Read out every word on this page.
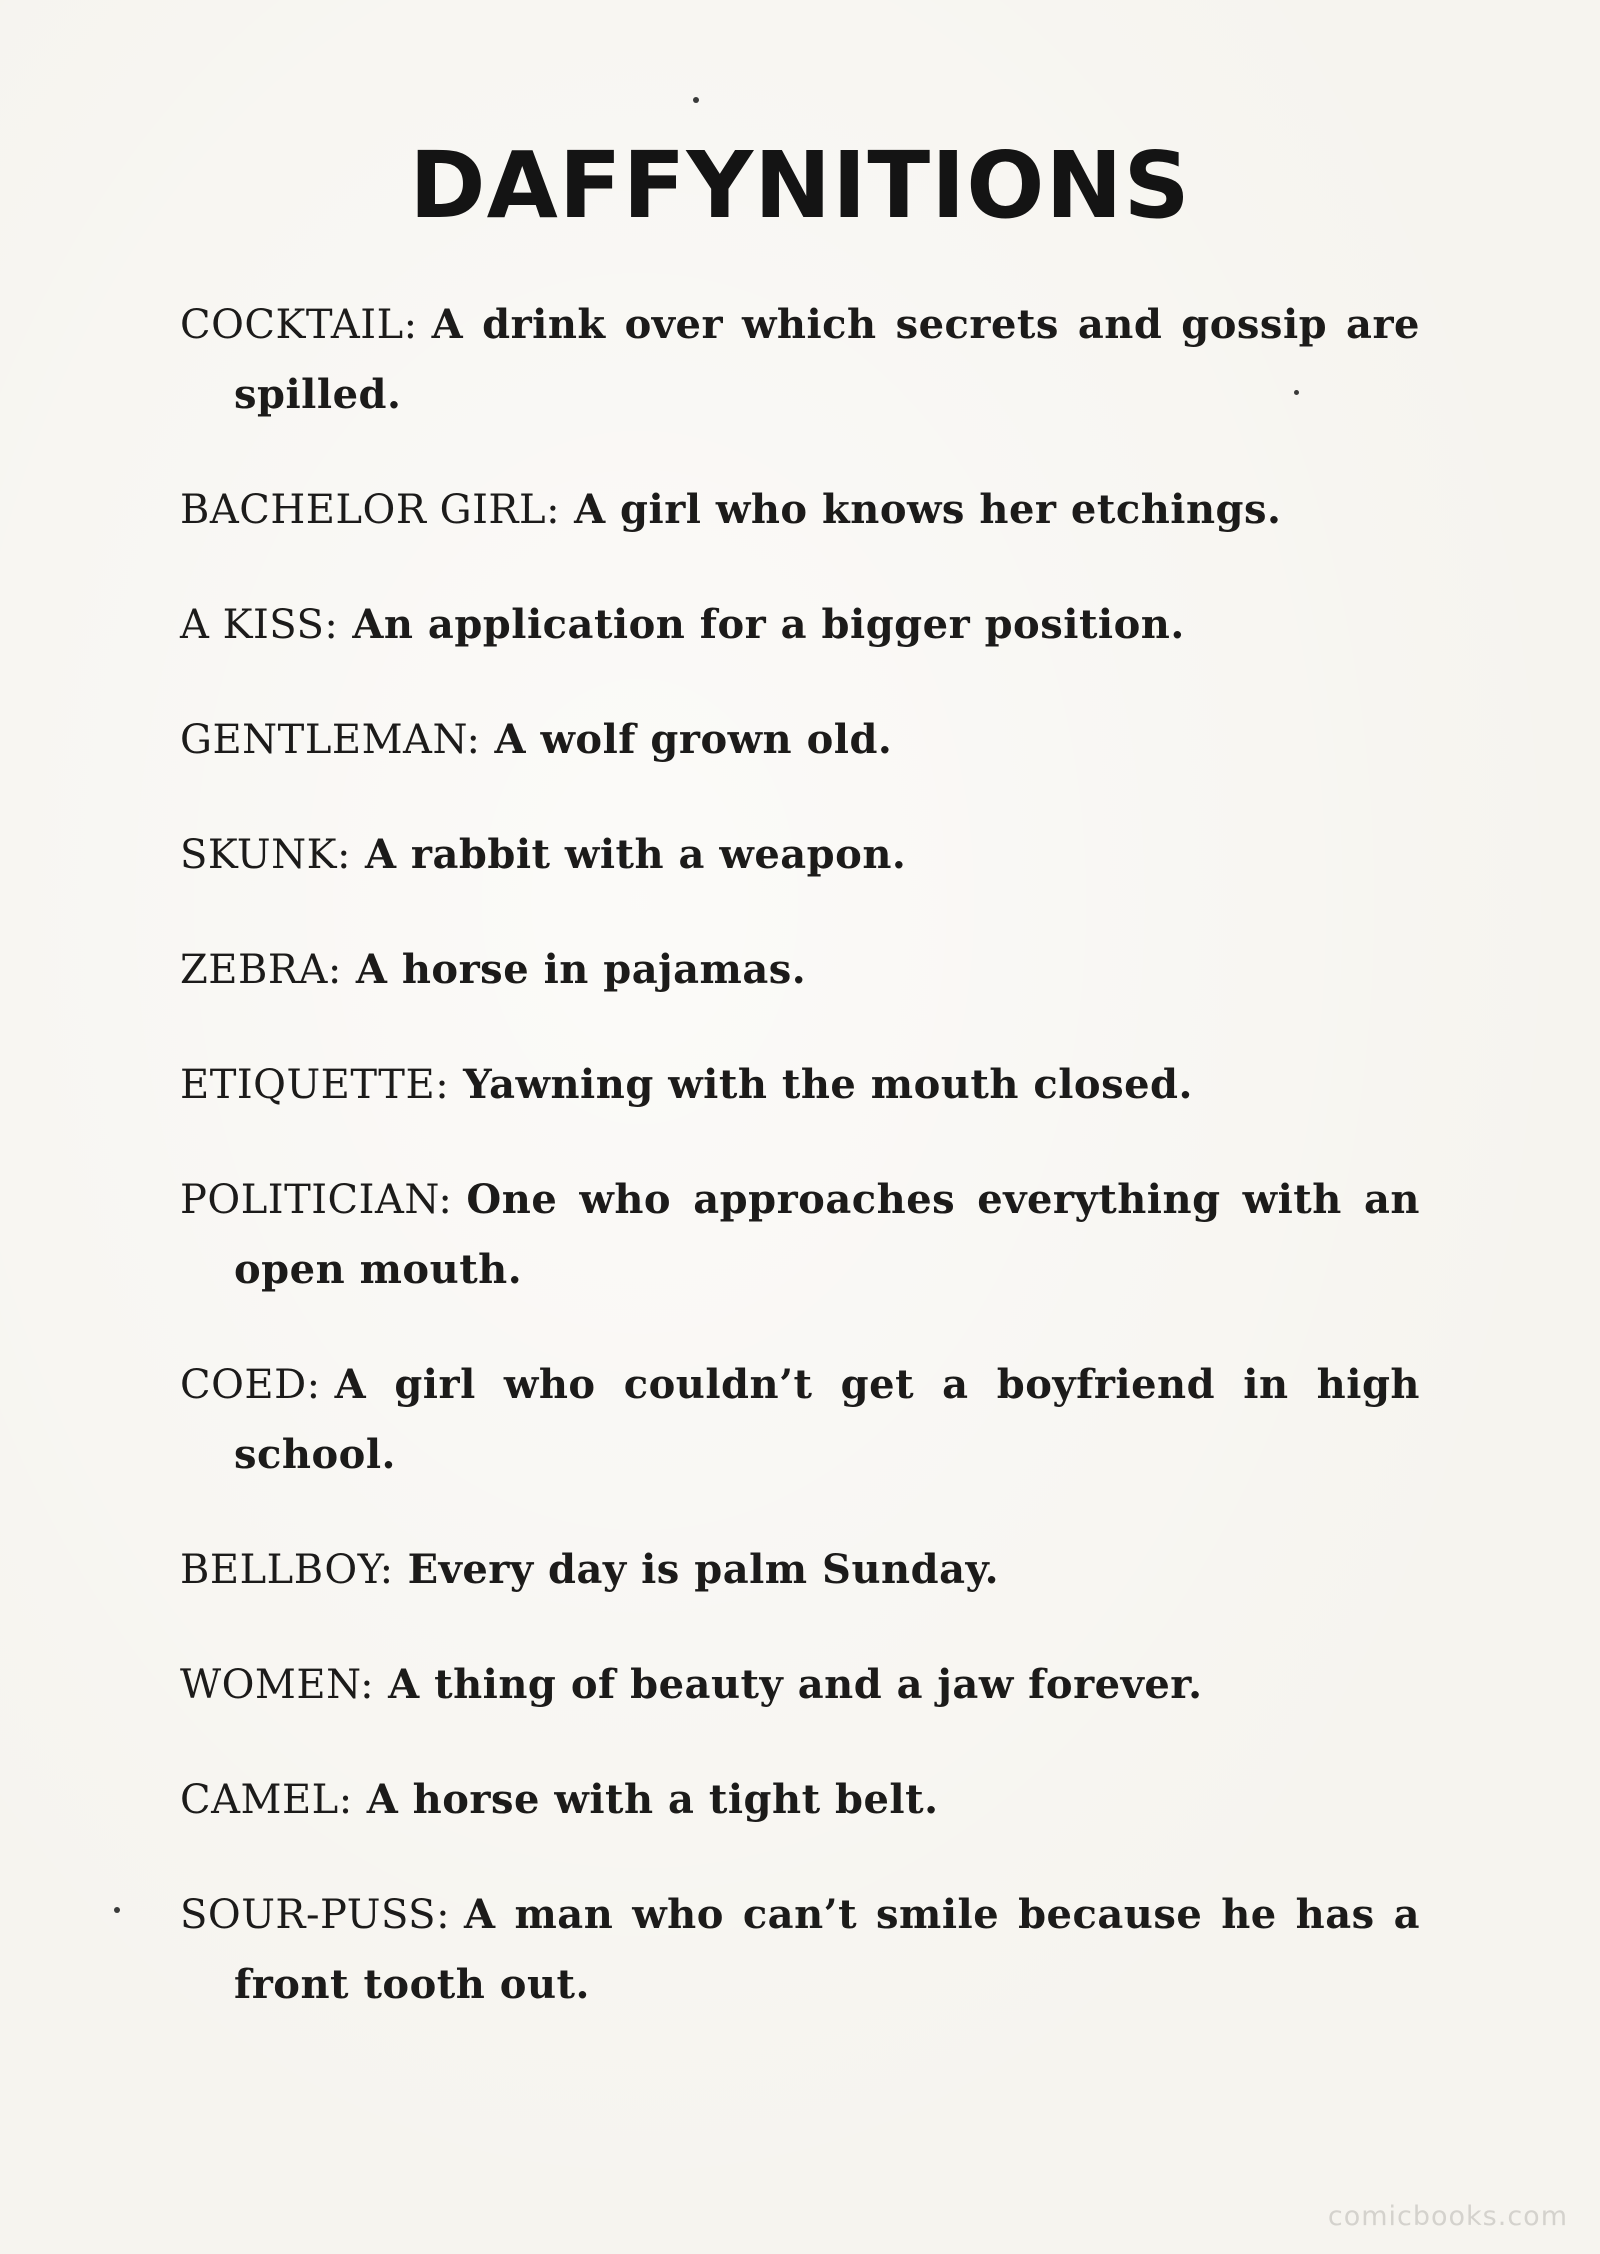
DAFFYNITIONS
COCKTAIL: A drink over which secrets and gossip are spilled.
BACHELOR GIRL: A girl who knows her etchings.
A KISS: An application for a bigger position.
GENTLEMAN: A wolf grown old.
SKUNK: A rabbit with a weapon.
ZEBRA: A horse in pajamas.
ETIQUETTE: Yawning with the mouth closed.
POLITICIAN: One who approaches everything with an open mouth.
COED: A girl who couldn’t get a boyfriend in high school.
BELLBOY: Every day is palm Sunday.
WOMEN: A thing of beauty and a jaw forever.
CAMEL: A horse with a tight belt.
SOUR-PUSS: A man who can’t smile because he has a front tooth out.
comicbooks.com
